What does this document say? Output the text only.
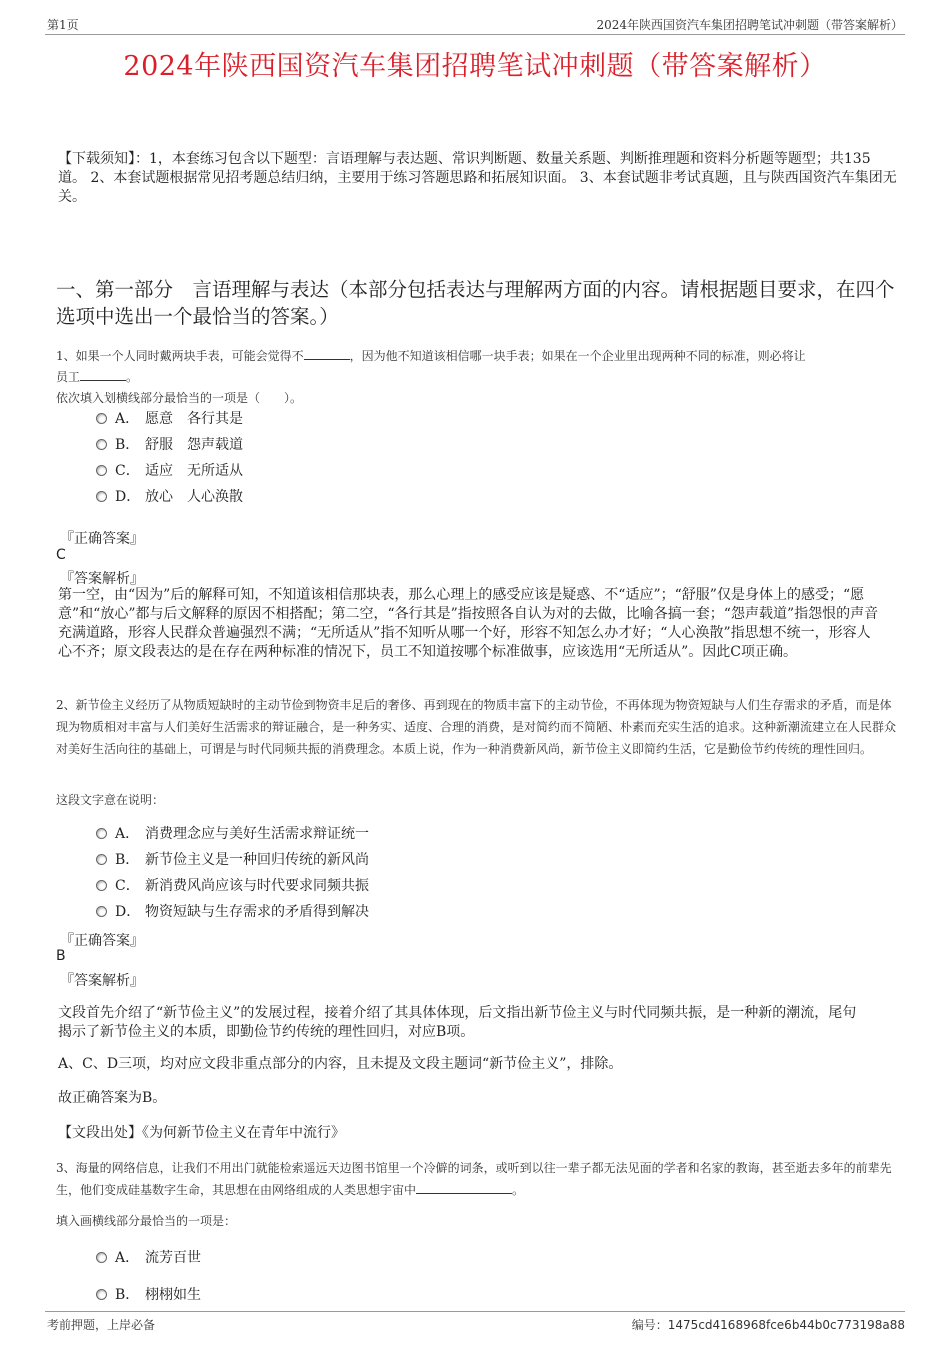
第1页	2024年陕西国资汽车集团招聘笔试冲刺题（带答案解析）
2024年陕西国资汽车集团招聘笔试冲刺题（带答案解析）
【下载须知】：1，本套练习包含以下题型：言语理解与表达题、常识判断题、数量关系题、判断推理题和资料分析题等题型；共135道。 2、本套试题根据常见招考题总结归纳，主要用于练习答题思路和拓展知识面。 3、本套试题非考试真题，且与陕西国资汽车集团无关。
一、第一部分　言语理解与表达（本部分包括表达与理解两方面的内容。请根据题目要求，在四个选项中选出一个最恰当的答案。）
1、如果一个人同时戴两块手表，可能会觉得不	，因为他不知道该相信哪一块手表；如果在一个企业里出现两种不同的标准，则必将让
员工	。
依次填入划横线部分最恰当的一项是（　　）。
A． 愿意　各行其是
B． 舒服　怨声载道
C． 适应　无所适从
D． 放心　人心涣散
『正确答案』
C
『答案解析』
第一空，由“因为”后的解释可知，不知道该相信那块表，那么心理上的感受应该是疑惑、不“适应”；“舒服”仅是身体上的感受；“愿意”和“放心”都与后文解释的原因不相搭配；第二空，“各行其是”指按照各自认为对的去做，比喻各搞一套；“怨声载道”指怨恨的声音充满道路，形容人民群众普遍强烈不满；“无所适从”指不知听从哪一个好，形容不知怎么办才好；“人心涣散”指思想不统一，形容人心不齐；原文段表达的是在存在两种标准的情况下，员工不知道按哪个标准做事，应该选用“无所适从”。因此C项正确。
2、新节俭主义经历了从物质短缺时的主动节俭到物资丰足后的奢侈、再到现在的物质丰富下的主动节俭，不再体现为物资短缺与人们生存需求的矛盾，而是体现为物质相对丰富与人们美好生活需求的辩证融合，是一种务实、适度、合理的消费，是对简约而不简陋、朴素而充实生活的追求。这种新潮流建立在人民群众对美好生活向往的基础上，可谓是与时代同频共振的消费理念。本质上说，作为一种消费新风尚，新节俭主义即简约生活，它是勤俭节约传统的理性回归。
这段文字意在说明：
A． 消费理念应与美好生活需求辩证统一
B． 新节俭主义是一种回归传统的新风尚
C． 新消费风尚应该与时代要求同频共振
D． 物资短缺与生存需求的矛盾得到解决
『正确答案』
B
『答案解析』
文段首先介绍了“新节俭主义”的发展过程，接着介绍了其具体体现，后文指出新节俭主义与时代同频共振，是一种新的潮流，尾句揭示了新节俭主义的本质，即勤俭节约传统的理性回归，对应B项。
A、C、D三项，均对应文段非重点部分的内容，且未提及文段主题词“新节俭主义”，排除。
故正确答案为B。
【文段出处】《为何新节俭主义在青年中流行》
3、海量的网络信息，让我们不用出门就能检索遥远天边图书馆里一个冷僻的词条，或听到以往一辈子都无法见面的学者和名家的教诲，甚至逝去多年的前辈先生，他们变成硅基数字生命，其思想在由网络组成的人类思想宇宙中	。
填入画横线部分最恰当的一项是：
A． 流芳百世
B． 栩栩如生
考前押题，上岸必备	编号：1475cd4168968fce6b44b0c773198a88
